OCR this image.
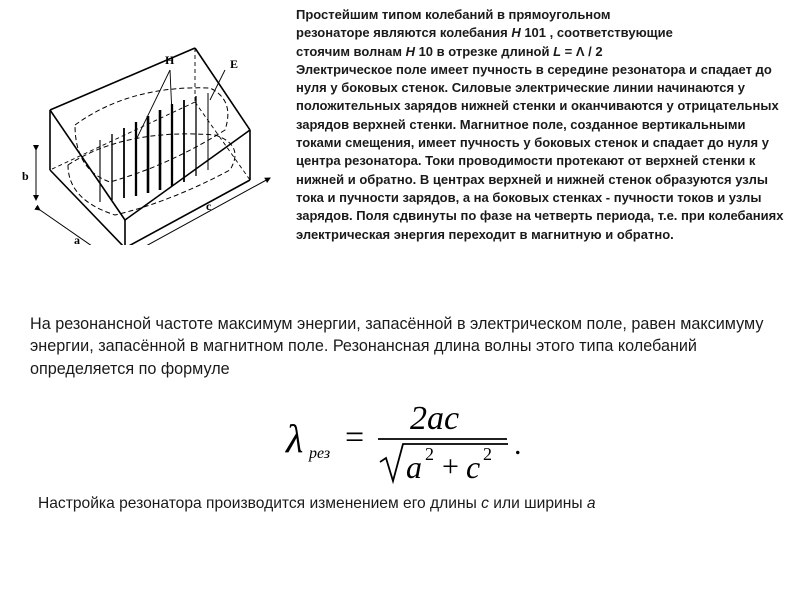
H	E
b
a
c

Простейшим типом колебаний в прямоугольном

резонаторе являются колебания H 101 , соответствующие

стоячим волнам H 10 в отрезке длиной L = Λ / 2

Электрическое поле имеет пучность в середине резонатора и спадает до нуля у боковых стенок. Силовые электрические линии начинаются у положительных зарядов нижней стенки и оканчиваются у отрицательных зарядов верхней стенки. Магнитное поле, созданное вертикальными токами смещения, имеет пучность у боковых стенок и спадает до нуля у центра резонатора. Токи проводимости протекают от верхней стенки к нижней и обратно. В центрах верхней и нижней стенок образуются узлы тока и пучности зарядов, а на боковых стенках - пучности токов и узлы зарядов. Поля сдвинуты по фазе на четверть периода, т.е. при колебаниях электрическая энергия переходит в магнитную и обратно.

На резонансной частоте максимум энергии, запасённой в электрическом поле, равен максимуму энергии, запасённой в магнитном поле. Резонансная длина волны этого типа колебаний определяется по формуле
λ рез =
2ac
a 2 + c 2 .
Настройка резонатора производится изменением его длины c или ширины a
